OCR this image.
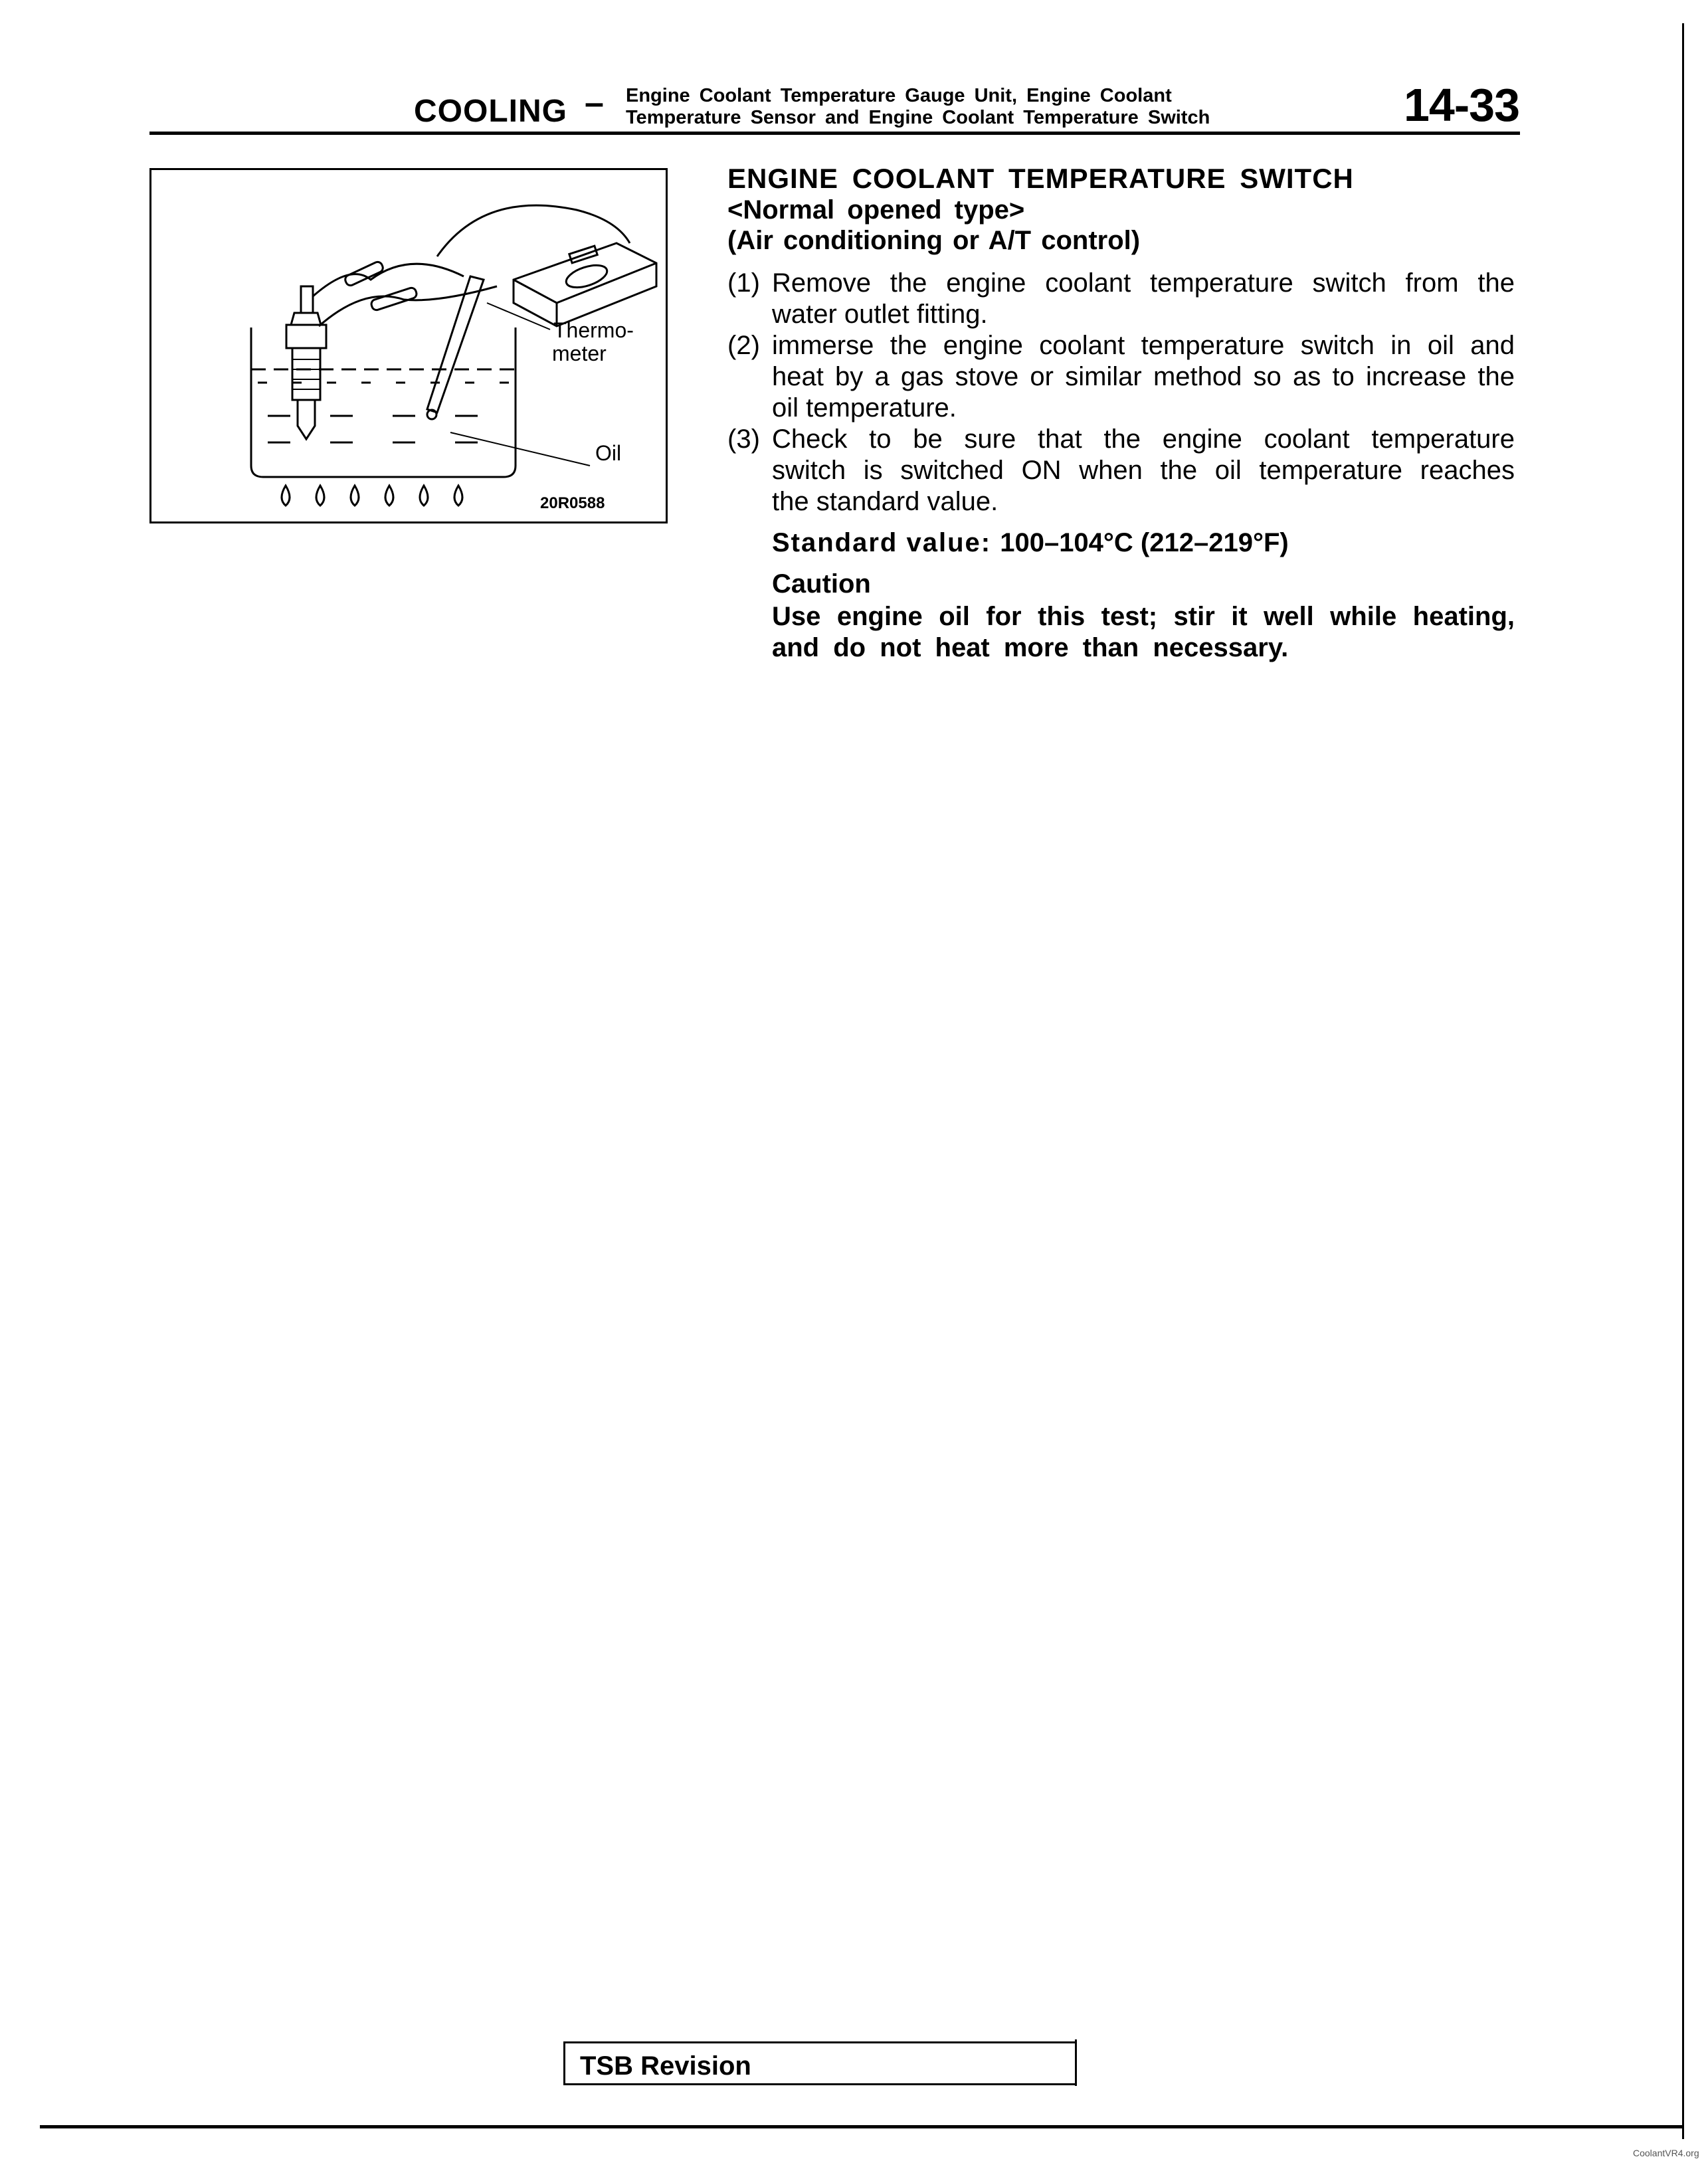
COOLING – Engine Coolant Temperature Gauge Unit, Engine Coolant
Temperature Sensor and Engine Coolant Temperature Switch	14-33
Thermo-
meter
Oil
20R0588
ENGINE COOLANT TEMPERATURE SWITCH
<Normal opened type>
(Air conditioning or A/T control)
(1) Remove the engine coolant temperature switch from the
water outlet fitting.
(2) immerse the engine coolant temperature switch in oil and
heat by a gas stove or similar method so as to increase the
oil temperature.
(3) Check to be sure that the engine coolant temperature
switch is switched ON when the oil temperature reaches
the standard value.
Standard value: 100–104°C (212–219°F)
Caution
Use engine oil for this test; stir it well while heating,
and do not heat more than necessary.
TSB Revision
CoolantVR4.org
